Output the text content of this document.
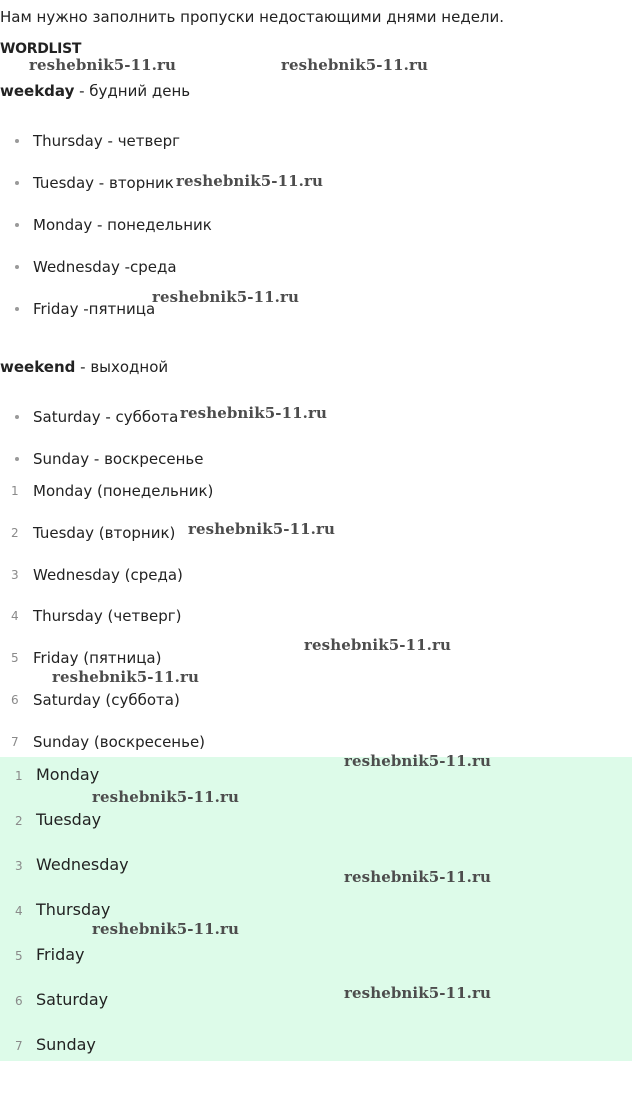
Нам нужно заполнить пропуски недостающими днями недели.
WORDLIST
weekday - будний день
Thursday - четверг
Tuesday - вторник
Monday - понедельник
Wednesday -среда
Friday -пятница
weekend - выходной
Saturday - суббота
Sunday - воскресенье
1 Monday (понедельник)
2 Tuesday (вторник)
3 Wednesday (среда)
4 Thursday (четверг)
5 Friday (пятница)
6 Saturday (суббота)
7 Sunday (воскресенье)
1 Monday
2 Tuesday
3 Wednesday
4 Thursday
5 Friday
6 Saturday
7 Sunday
reshebnik5-11.ru	reshebnik5-11.ru
reshebnik5-11.ru
reshebnik5-11.ru
reshebnik5-11.ru
reshebnik5-11.ru
reshebnik5-11.ru
reshebnik5-11.ru
reshebnik5-11.ru
reshebnik5-11.ru
reshebnik5-11.ru
reshebnik5-11.ru
reshebnik5-11.ru
